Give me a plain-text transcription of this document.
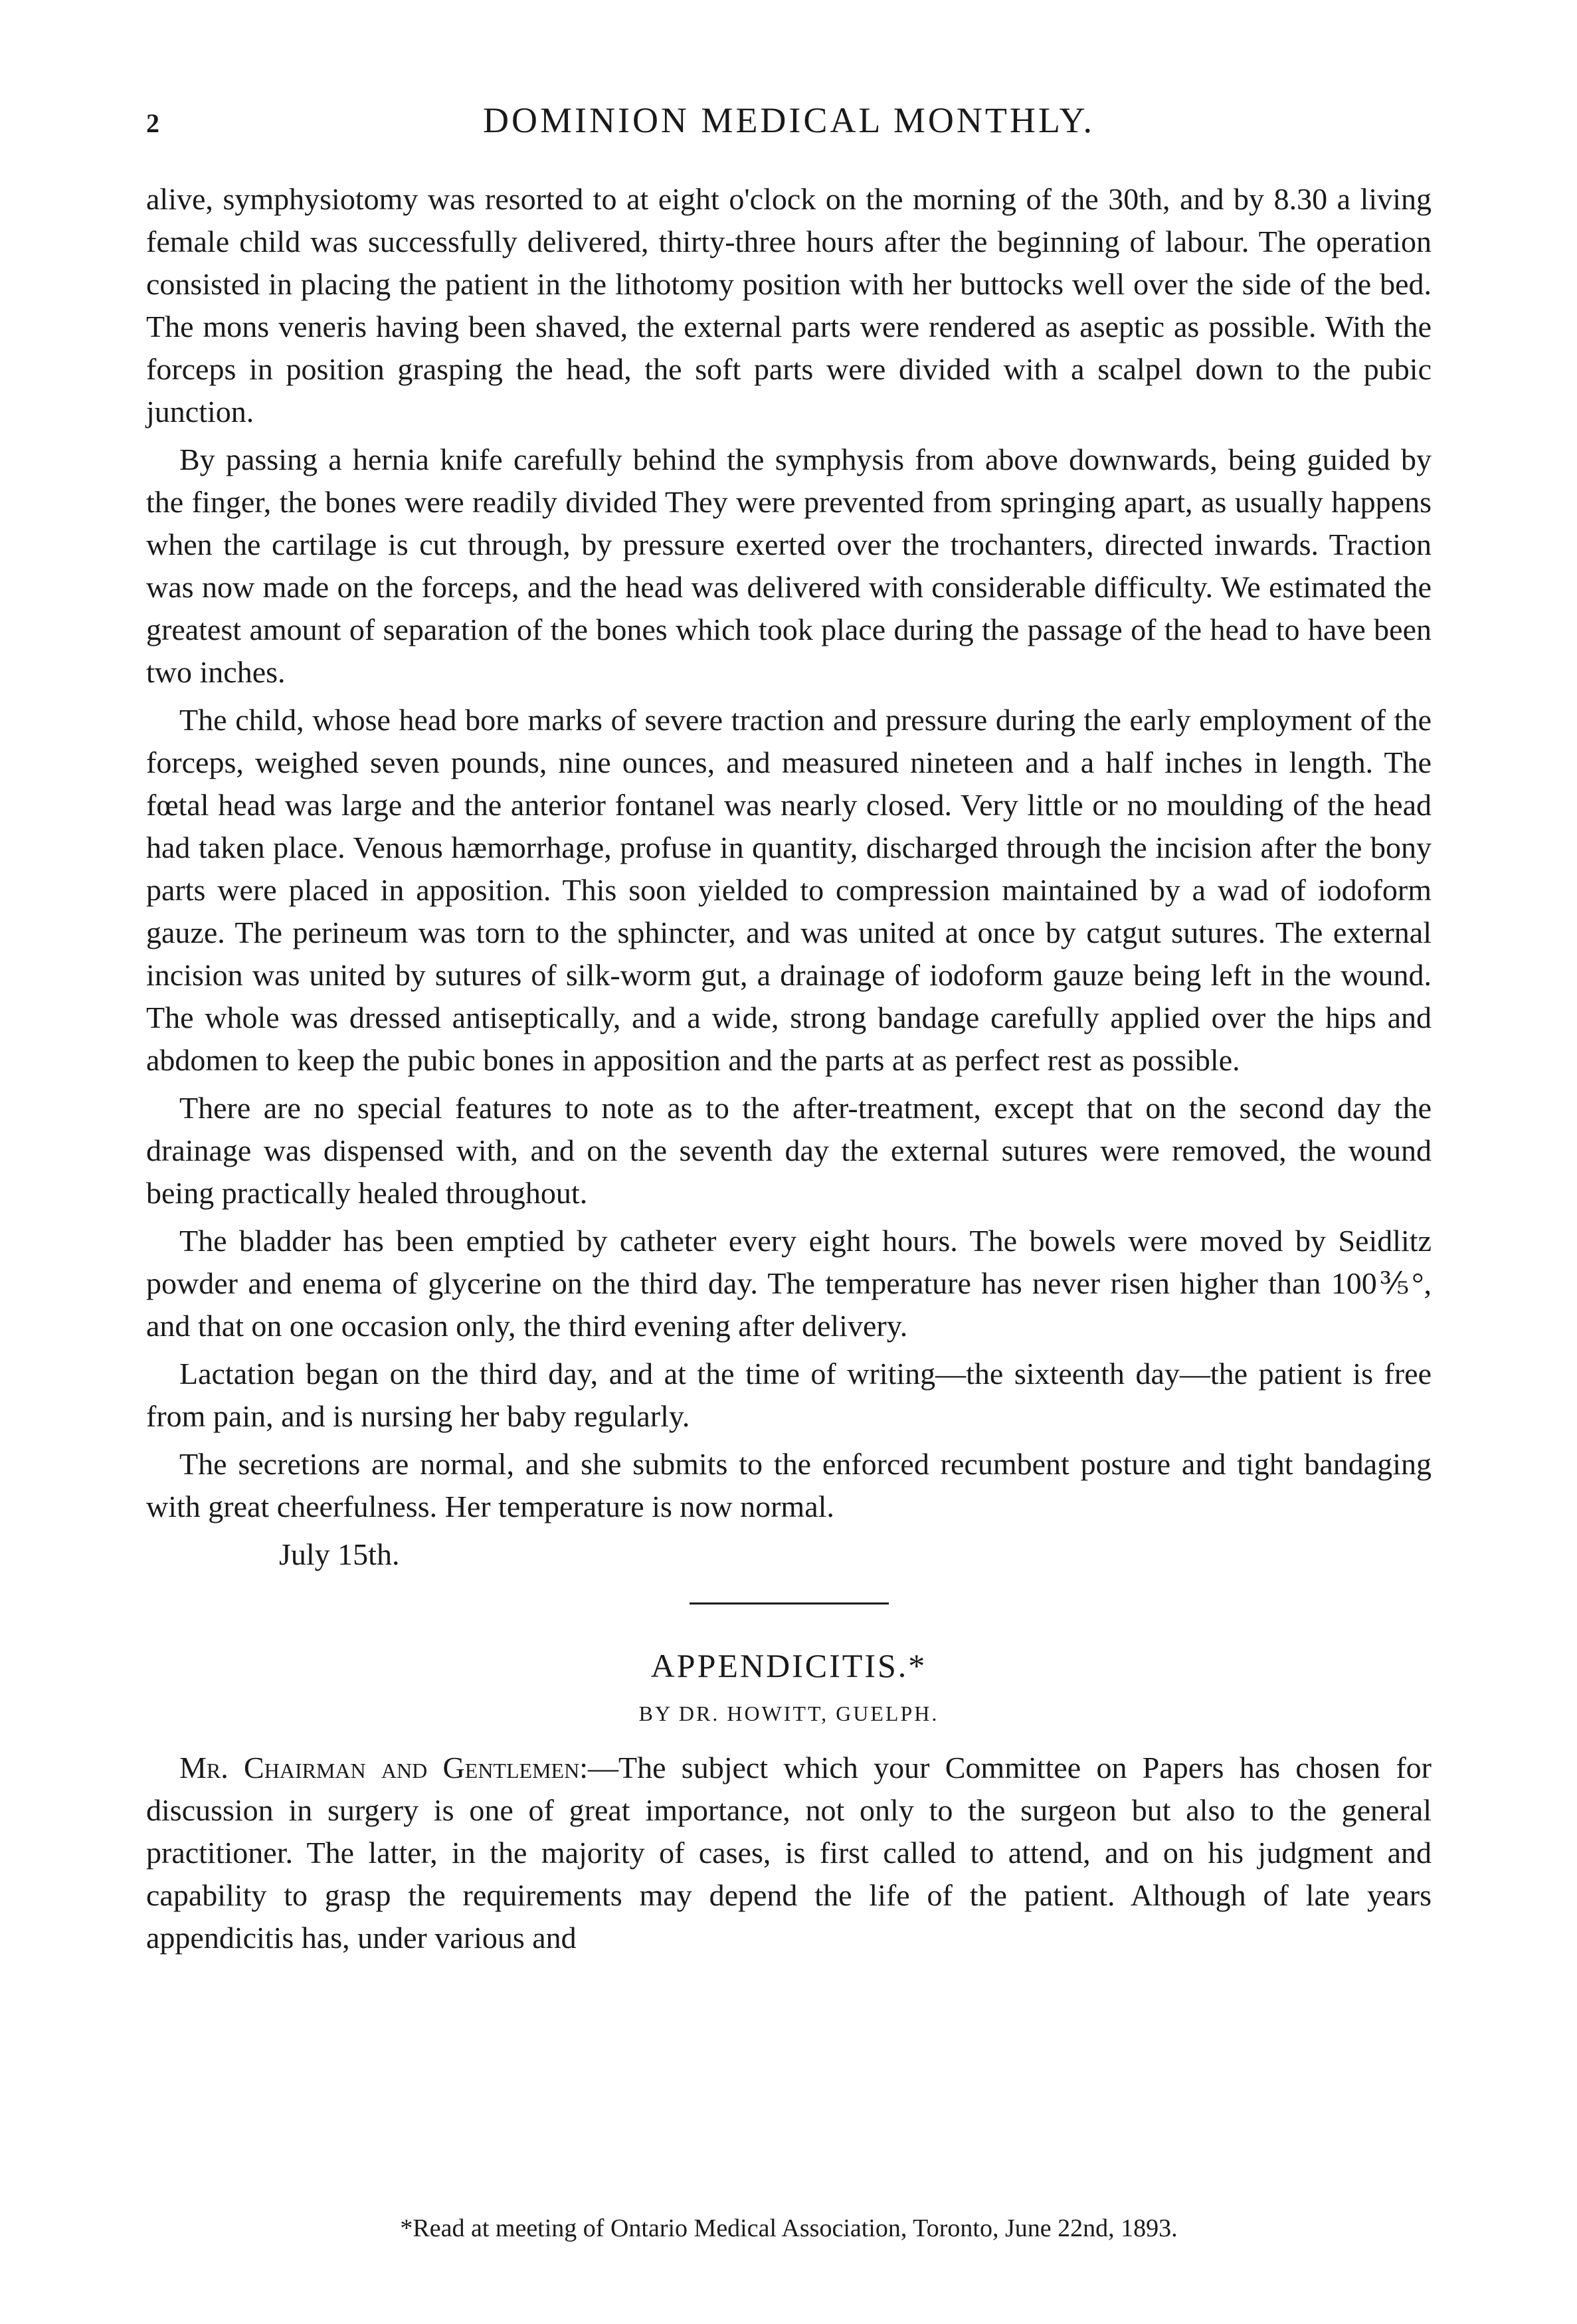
2	DOMINION MEDICAL MONTHLY.

alive, symphysiotomy was resorted to at eight o'clock on the morning of the 30th, and by 8.30 a living female child was successfully delivered, thirty-three hours after the beginning of labour. The operation consisted in placing the patient in the lithotomy position with her buttocks well over the side of the bed. The mons veneris having been shaved, the external parts were rendered as aseptic as possible. With the forceps in position grasping the head, the soft parts were divided with a scalpel down to the pubic junction.

By passing a hernia knife carefully behind the symphysis from above downwards, being guided by the finger, the bones were readily divided They were prevented from springing apart, as usually happens when the cartilage is cut through, by pressure exerted over the trochanters, directed inwards. Traction was now made on the forceps, and the head was delivered with considerable difficulty. We estimated the greatest amount of separation of the bones which took place during the passage of the head to have been two inches.

The child, whose head bore marks of severe traction and pressure during the early employment of the forceps, weighed seven pounds, nine ounces, and measured nineteen and a half inches in length. The fœtal head was large and the anterior fontanel was nearly closed. Very little or no moulding of the head had taken place. Venous hæmorrhage, profuse in quantity, discharged through the incision after the bony parts were placed in apposition. This soon yielded to compression maintained by a wad of iodoform gauze. The perineum was torn to the sphincter, and was united at once by catgut sutures. The external incision was united by sutures of silk-worm gut, a drainage of iodoform gauze being left in the wound. The whole was dressed antiseptically, and a wide, strong bandage carefully applied over the hips and abdomen to keep the pubic bones in apposition and the parts at as perfect rest as possible.

There are no special features to note as to the after-treatment, except that on the second day the drainage was dispensed with, and on the seventh day the external sutures were removed, the wound being practically healed throughout.

The bladder has been emptied by catheter every eight hours. The bowels were moved by Seidlitz powder and enema of glycerine on the third day. The temperature has never risen higher than 100⅗°, and that on one occasion only, the third evening after delivery.

Lactation began on the third day, and at the time of writing—the sixteenth day—the patient is free from pain, and is nursing her baby regularly.

The secretions are normal, and she submits to the enforced recumbent posture and tight bandaging with great cheerfulness. Her temperature is now normal.

July 15th.
APPENDICITIS.*
BY DR. HOWITT, GUELPH.

Mr. Chairman and Gentlemen:—The subject which your Committee on Papers has chosen for discussion in surgery is one of great importance, not only to the surgeon but also to the general practitioner. The latter, in the majority of cases, is first called to attend, and on his judgment and capability to grasp the requirements may depend the life of the patient. Although of late years appendicitis has, under various and

*Read at meeting of Ontario Medical Association, Toronto, June 22nd, 1893.
